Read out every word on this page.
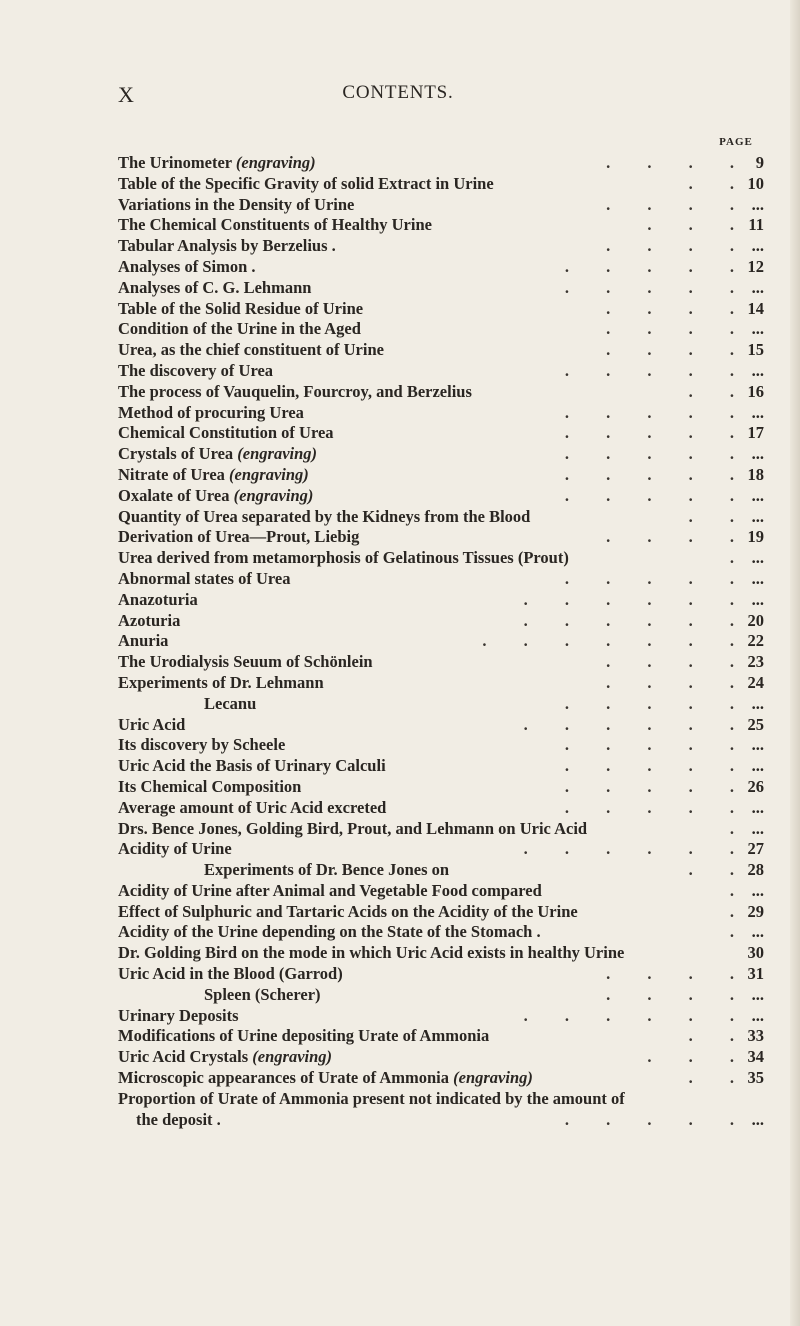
X	CONTENTS.
PAGE
The Urinometer (engraving)	.         .         .         .	9
Table of the Specific Gravity of solid Extract in Urine	.         . 10
Variations in the Density of Urine	.         .         .         .	...
The Chemical Constituents of Healthy Urine	.         .         . 11
Tabular Analysis by Berzelius .	.         .         .         .	...
Analyses of Simon .	.         .         .         .         . 12
Analyses of C. G. Lehmann	.         .         .         .         .	...
Table of the Solid Residue of Urine	.         .         .         . 14
Condition of the Urine in the Aged	.         .         .         .	...
Urea, as the chief constituent of Urine	.         .         .         . 15
The discovery of Urea	.         .         .         .         .	...
The process of Vauquelin, Fourcroy, and Berzelius	.         . 16
Method of procuring Urea	.         .         .         .         .	...
Chemical Constitution of Urea	.         .         .         .         . 17
Crystals of Urea (engraving)	.         .         .         .         .	...
Nitrate of Urea (engraving)	.         .         .         .         . 18
Oxalate of Urea (engraving)	.         .         .         .         .	...
Quantity of Urea separated by the Kidneys from the Blood	.         .	...
Derivation of Urea—Prout, Liebig	.         .         .         . 19
Urea derived from metamorphosis of Gelatinous Tissues (Prout)	.	...
Abnormal states of Urea	.         .         .         .         .	...
Anazoturia	.         .         .         .         .         .	...
Azoturia	.         .         .         .         .         . 20
Anuria	.         .         .         .         .         .         . 22
The Urodialysis Seuum of Schönlein	.         .         .         . 23
Experiments of Dr. Lehmann	.         .         .         . 24
Lecanu	.         .         .         .         .	...
Uric Acid	.         .         .         .         .         . 25
Its discovery by Scheele	.         .         .         .         .	...
Uric Acid the Basis of Urinary Calculi	.         .         .         .         .	...
Its Chemical Composition	.         .         .         .         . 26
Average amount of Uric Acid excreted	.         .         .         .         .	...
Drs. Bence Jones, Golding Bird, Prout, and Lehmann on Uric Acid	.	...
Acidity of Urine	.         .         .         .         .         . 27
Experiments of Dr. Bence Jones on	.         . 28
Acidity of Urine after Animal and Vegetable Food compared	.	...
Effect of Sulphuric and Tartaric Acids on the Acidity of the Urine	. 29
Acidity of the Urine depending on the State of the Stomach .	.	...
Dr. Golding Bird on the mode in which Uric Acid exists in healthy Urine	30
Uric Acid in the Blood (Garrod)	.         .         .         . 31
Spleen (Scherer)	.         .         .         .	...
Urinary Deposits	.         .         .         .         .         .	...
Modifications of Urine depositing Urate of Ammonia	.         . 33
Uric Acid Crystals (engraving)	.         .         . 34
Microscopic appearances of Urate of Ammonia (engraving)	.         . 35
Proportion of Urate of Ammonia present not indicated by the amount of
the deposit .	.         .         .         .         .	...
